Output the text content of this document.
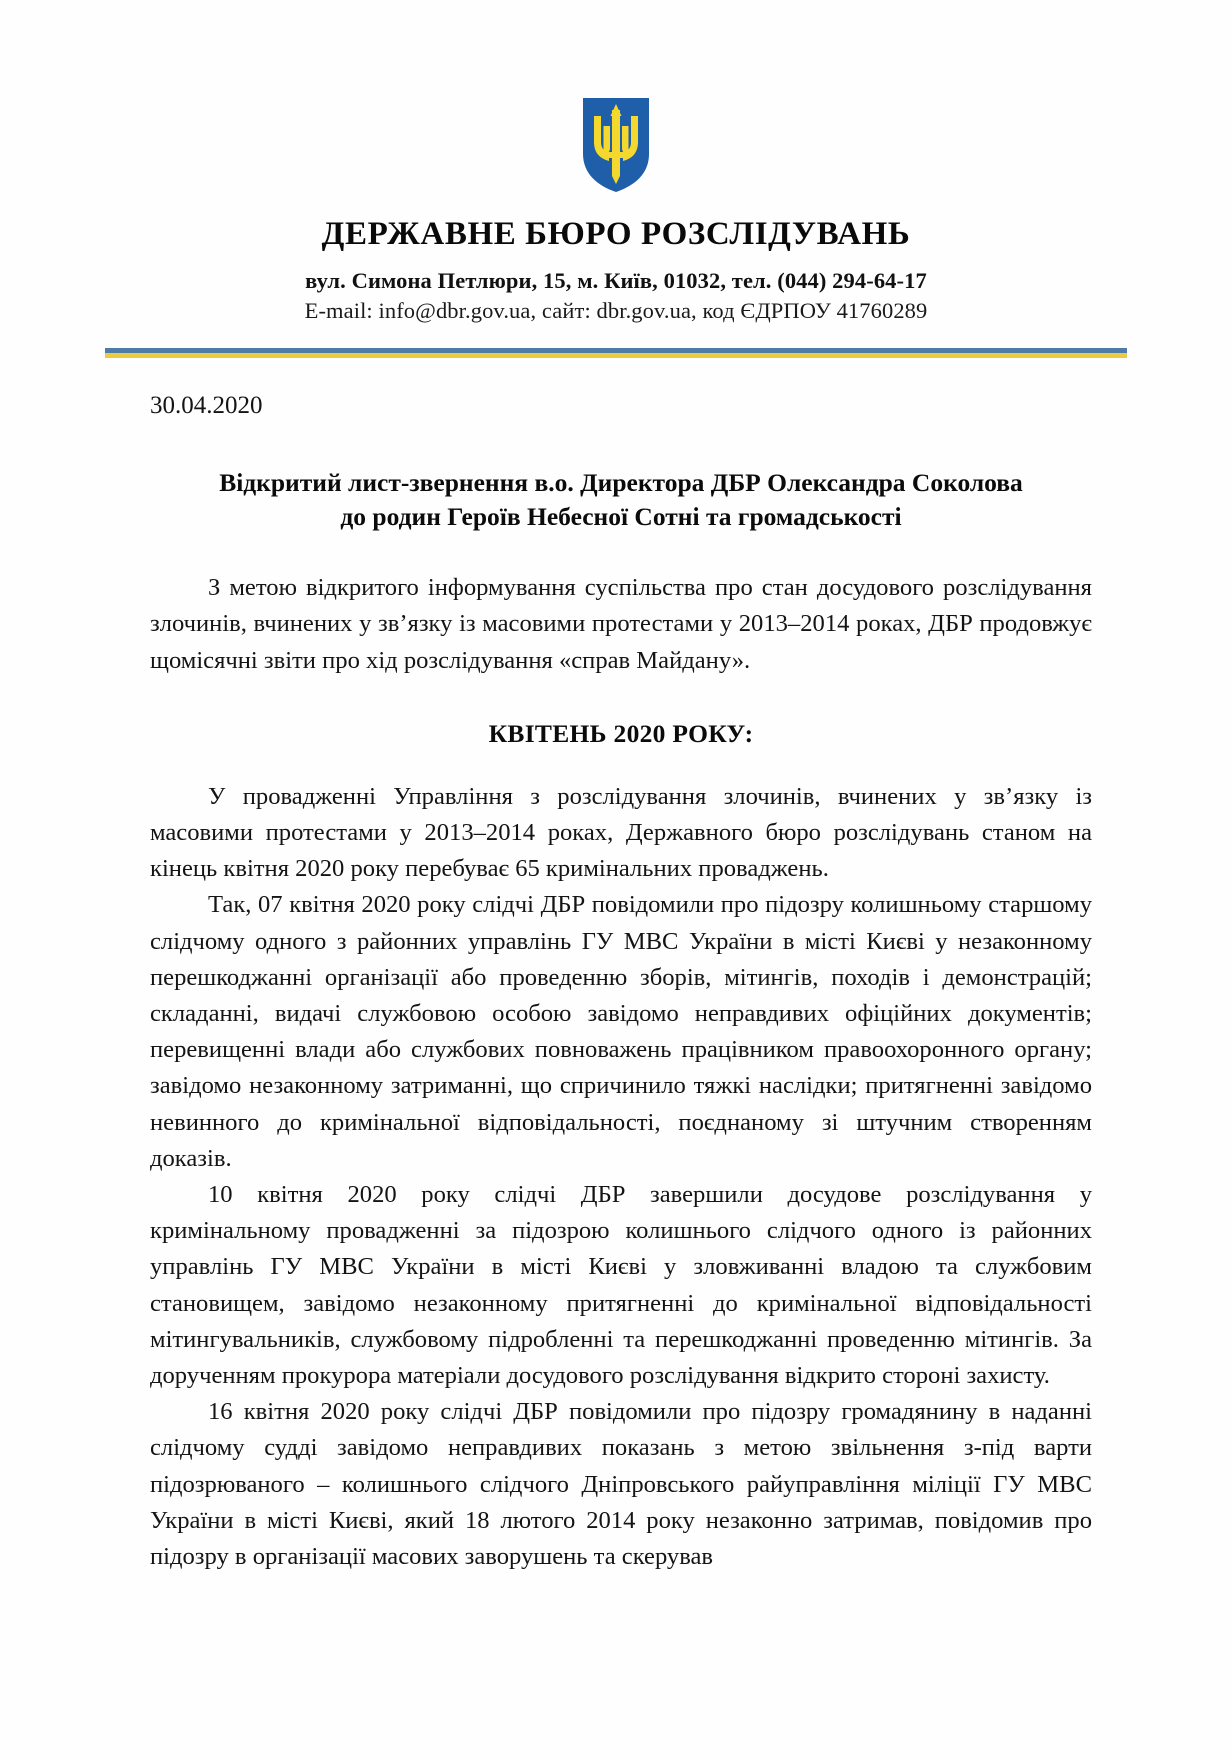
ДЕРЖАВНЕ БЮРО РОЗСЛІДУВАНЬ
вул. Симона Петлюри, 15, м. Київ, 01032, тел. (044) 294-64-17
E-mail: info@dbr.gov.ua, сайт: dbr.gov.ua, код ЄДРПОУ 41760289
30.04.2020
Відкритий лист-звернення в.о. Директора ДБР Олександра Соколова
до родин Героїв Небесної Сотні та громадськості

З метою відкритого інформування суспільства про стан досудового розслідування злочинів, вчинених у зв’язку із масовими протестами у 2013–2014 роках, ДБР продовжує щомісячні звіти про хід розслідування «справ Майдану».

КВІТЕНЬ 2020 РОКУ:

У провадженні Управління з розслідування злочинів, вчинених у зв’язку із масовими протестами у 2013–2014 роках, Державного бюро розслідувань станом на кінець квітня 2020 року перебуває 65 кримінальних проваджень.

Так, 07 квітня 2020 року слідчі ДБР повідомили про підозру колишньому старшому слідчому одного з районних управлінь ГУ МВС України в місті Києві у незаконному перешкоджанні організації або проведенню зборів, мітингів, походів і демонстрацій; складанні, видачі службовою особою завідомо неправдивих офіційних документів; перевищенні влади або службових повноважень працівником правоохоронного органу; завідомо незаконному затриманні, що спричинило тяжкі наслідки; притягненні завідомо невинного до кримінальної відповідальності, поєднаному зі штучним створенням доказів.

10 квітня 2020 року слідчі ДБР завершили досудове розслідування у кримінальному провадженні за підозрою колишнього слідчого одного із районних управлінь ГУ МВС України в місті Києві у зловживанні владою та службовим становищем, завідомо незаконному притягненні до кримінальної відповідальності мітингувальників, службовому підробленні та перешкоджанні проведенню мітингів. За дорученням прокурора матеріали досудового розслідування відкрито стороні захисту.

16 квітня 2020 року слідчі ДБР повідомили про підозру громадянину в наданні слідчому судді завідомо неправдивих показань з метою звільнення з-під варти підозрюваного – колишнього слідчого Дніпровського райуправління міліції ГУ МВС України в місті Києві, який 18 лютого 2014 року незаконно затримав, повідомив про підозру в організації масових заворушень та скерував
